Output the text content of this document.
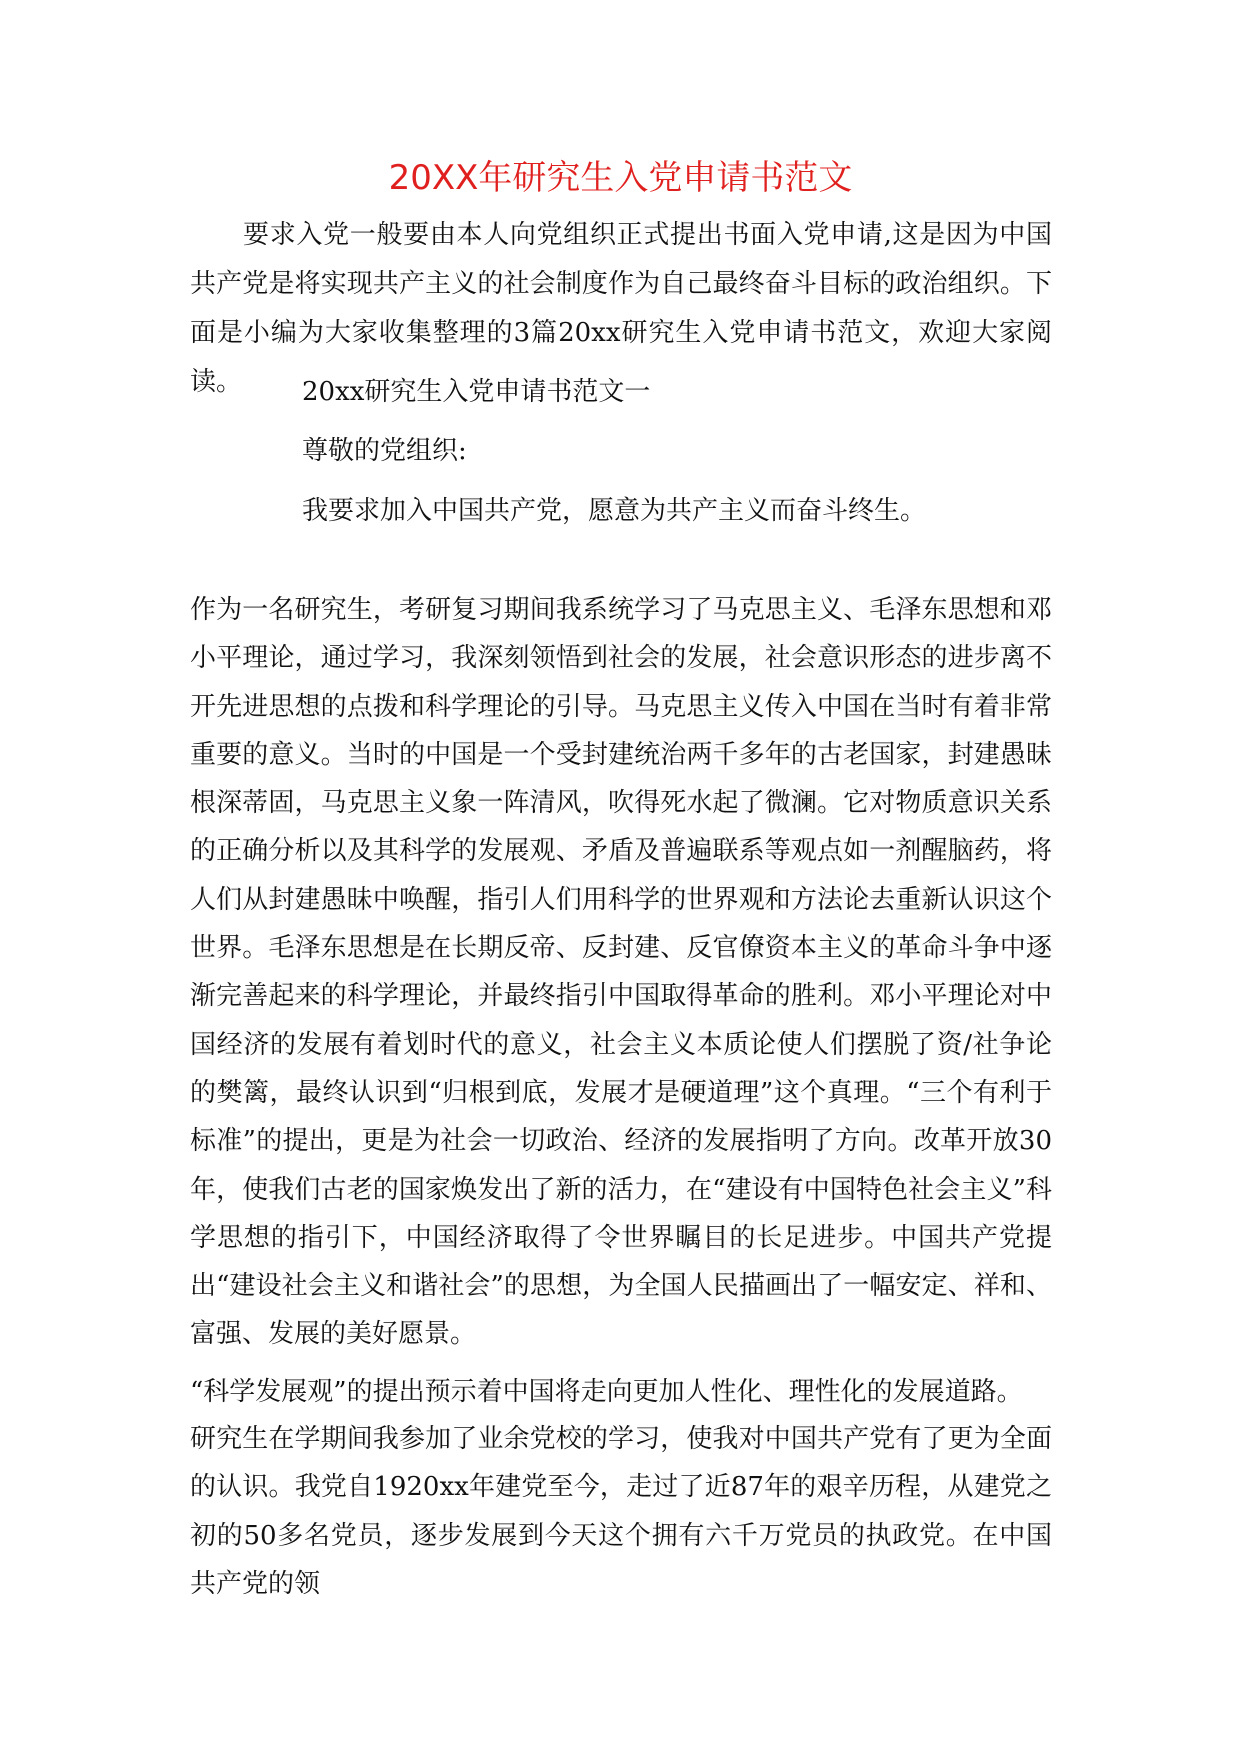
20XX年研究生入党申请书范文
要求入党一般要由本人向党组织正式提出书面入党申请,这是因为中国共产党是将实现共产主义的社会制度作为自己最终奋斗目标的政治组织。下面是小编为大家收集整理的3篇20xx研究生入党申请书范文，欢迎大家阅读。	20xx研究生入党申请书范文一
尊敬的党组织:
我要求加入中国共产党，愿意为共产主义而奋斗终生。
作为一名研究生，考研复习期间我系统学习了马克思主义、毛泽东思想和邓小平理论，通过学习，我深刻领悟到社会的发展，社会意识形态的进步离不开先进思想的点拨和科学理论的引导。马克思主义传入中国在当时有着非常重要的意义。当时的中国是一个受封建统治两千多年的古老国家，封建愚昧根深蒂固，马克思主义象一阵清风，吹得死水起了微澜。它对物质意识关系的正确分析以及其科学的发展观、矛盾及普遍联系等观点如一剂醒脑药，将人们从封建愚昧中唤醒，指引人们用科学的世界观和方法论去重新认识这个世界。毛泽东思想是在长期反帝、反封建、反官僚资本主义的革命斗争中逐渐完善起来的科学理论，并最终指引中国取得革命的胜利。邓小平理论对中国经济的发展有着划时代的意义，社会主义本质论使人们摆脱了资/社争论的樊篱，最终认识到“归根到底，发展才是硬道理”这个真理。“三个有利于标准”的提出，更是为社会一切政治、经济的发展指明了方向。改革开放30年，使我们古老的国家焕发出了新的活力，在“建设有中国特色社会主义”科学思想的指引下，中国经济取得了令世界瞩目的长足进步。中国共产党提出“建设社会主义和谐社会”的思想，为全国人民描画出了一幅安定、祥和、富强、发展的美好愿景。
“科学发展观”的提出预示着中国将走向更加人性化、理性化的发展道路。
研究生在学期间我参加了业余党校的学习，使我对中国共产党有了更为全面的认识。我党自1920xx年建党至今，走过了近87年的艰辛历程，从建党之初的50多名党员，逐步发展到今天这个拥有六千万党员的执政党。在中国共产党的领
